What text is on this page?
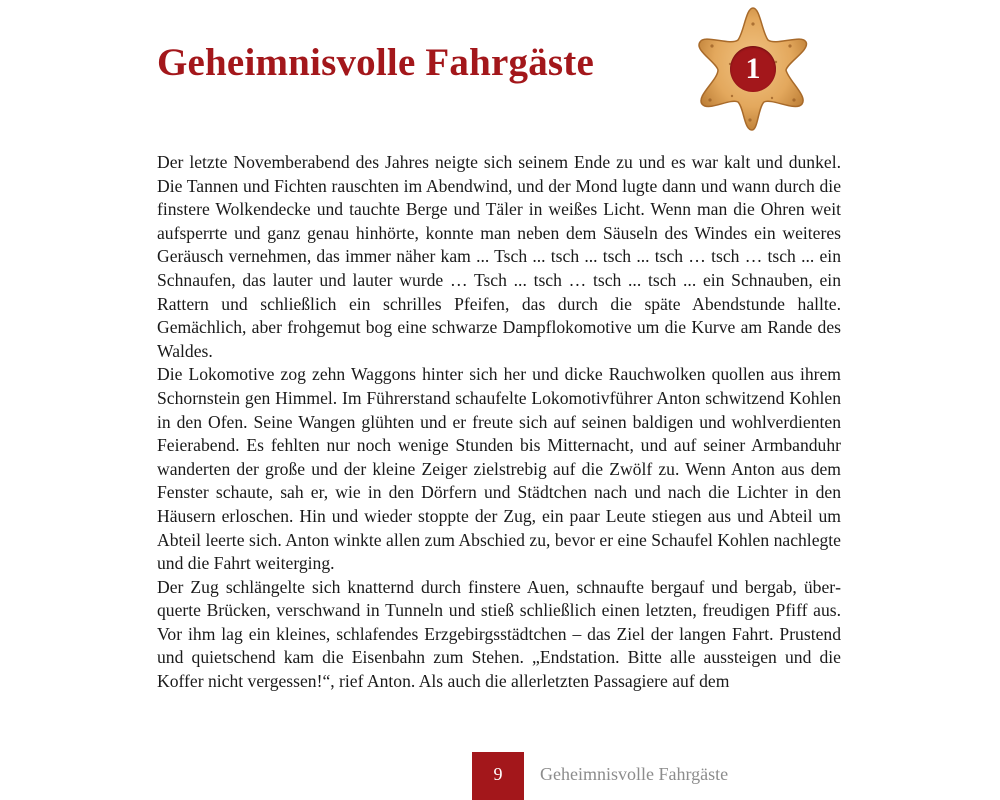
Geheimnisvolle Fahrgäste	1

Der letzte Novemberabend des Jahres neigte sich seinem Ende zu und es war kalt und dunkel. Die Tannen und Fichten rauschten im Abendwind, und der Mond lugte dann und wann durch die finstere Wolkendecke und tauchte Berge und Täler in weißes Licht. Wenn man die Ohren weit aufsperrte und ganz genau hinhörte, konnte man neben dem Säuseln des Windes ein weiteres Geräusch vernehmen, das immer näher kam ... Tsch ... tsch ... tsch ... tsch … tsch … tsch ... ein Schnaufen, das lauter und lauter wurde … Tsch ... tsch … tsch ... tsch ... ein Schnauben, ein Rattern und schließlich ein schrilles Pfeifen, das durch die späte Abendstunde hallte. Gemächlich, aber frohgemut bog eine schwarze Dampflokomotive um die Kurve am Rande des Waldes.

Die Lokomotive zog zehn Waggons hinter sich her und dicke Rauchwolken quollen aus ihrem Schornstein gen Himmel. Im Führerstand schaufelte Lokomotivführer Anton schwitzend Kohlen in den Ofen. Seine Wangen glühten und er freute sich auf seinen baldigen und wohlverdienten Feierabend. Es fehlten nur noch wenige Stunden bis Mitternacht, und auf seiner Armbanduhr wanderten der große und der kleine Zeiger zielstrebig auf die Zwölf zu. Wenn Anton aus dem Fenster schaute, sah er, wie in den Dörfern und Städtchen nach und nach die Lichter in den Häusern erloschen. Hin und wieder stoppte der Zug, ein paar Leute stiegen aus und Abteil um Abteil leerte sich. Anton winkte allen zum Abschied zu, bevor er eine Schaufel Kohlen nachlegte und die Fahrt weiterging.

Der Zug schlängelte sich knatternd durch finstere Auen, schnaufte bergauf und bergab, überquerte Brücken, verschwand in Tunneln und stieß schließlich einen letzten, freudigen Pfiff aus. Vor ihm lag ein kleines, schlafendes Erzgebirgsstädtchen – das Ziel der langen Fahrt. Prustend und quietschend kam die Eisenbahn zum Stehen. „Endstation. Bitte alle aussteigen und die Koffer nicht vergessen!“, rief Anton. Als auch die allerletzten Passagiere auf dem

9	Geheimnisvolle Fahrgäste
